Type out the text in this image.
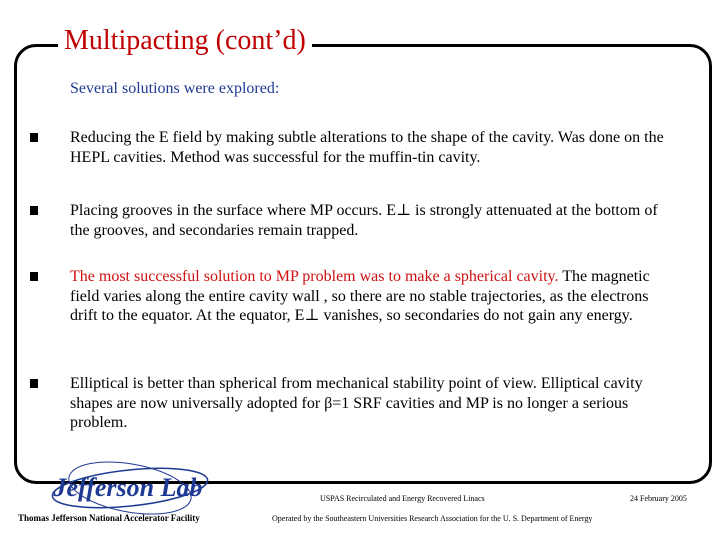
Multipacting (cont’d)
Several solutions were explored:
Reducing the E field by making subtle alterations to the shape of the cavity. Was done on the HEPL cavities. Method was successful for the muffin-tin cavity.
Placing grooves in the surface where MP occurs. E⊥ is strongly attenuated at the bottom of the grooves, and secondaries remain trapped.
The most successful solution to MP problem was to make a spherical cavity. The magnetic field varies along the entire cavity wall , so there are no stable trajectories, as the electrons drift to the equator. At the equator, E⊥ vanishes, so secondaries do not gain any energy.
Elliptical is better than spherical from mechanical stability point of view. Elliptical cavity shapes are now universally adopted for β=1 SRF cavities and MP is no longer a serious problem.
Jefferson Lab
Thomas Jefferson National Accelerator Facility
USPAS Recirculated and Energy Recovered Linacs
Operated by the Southeastern Universities Research Association for the U. S. Department of Energy
24 February 2005
